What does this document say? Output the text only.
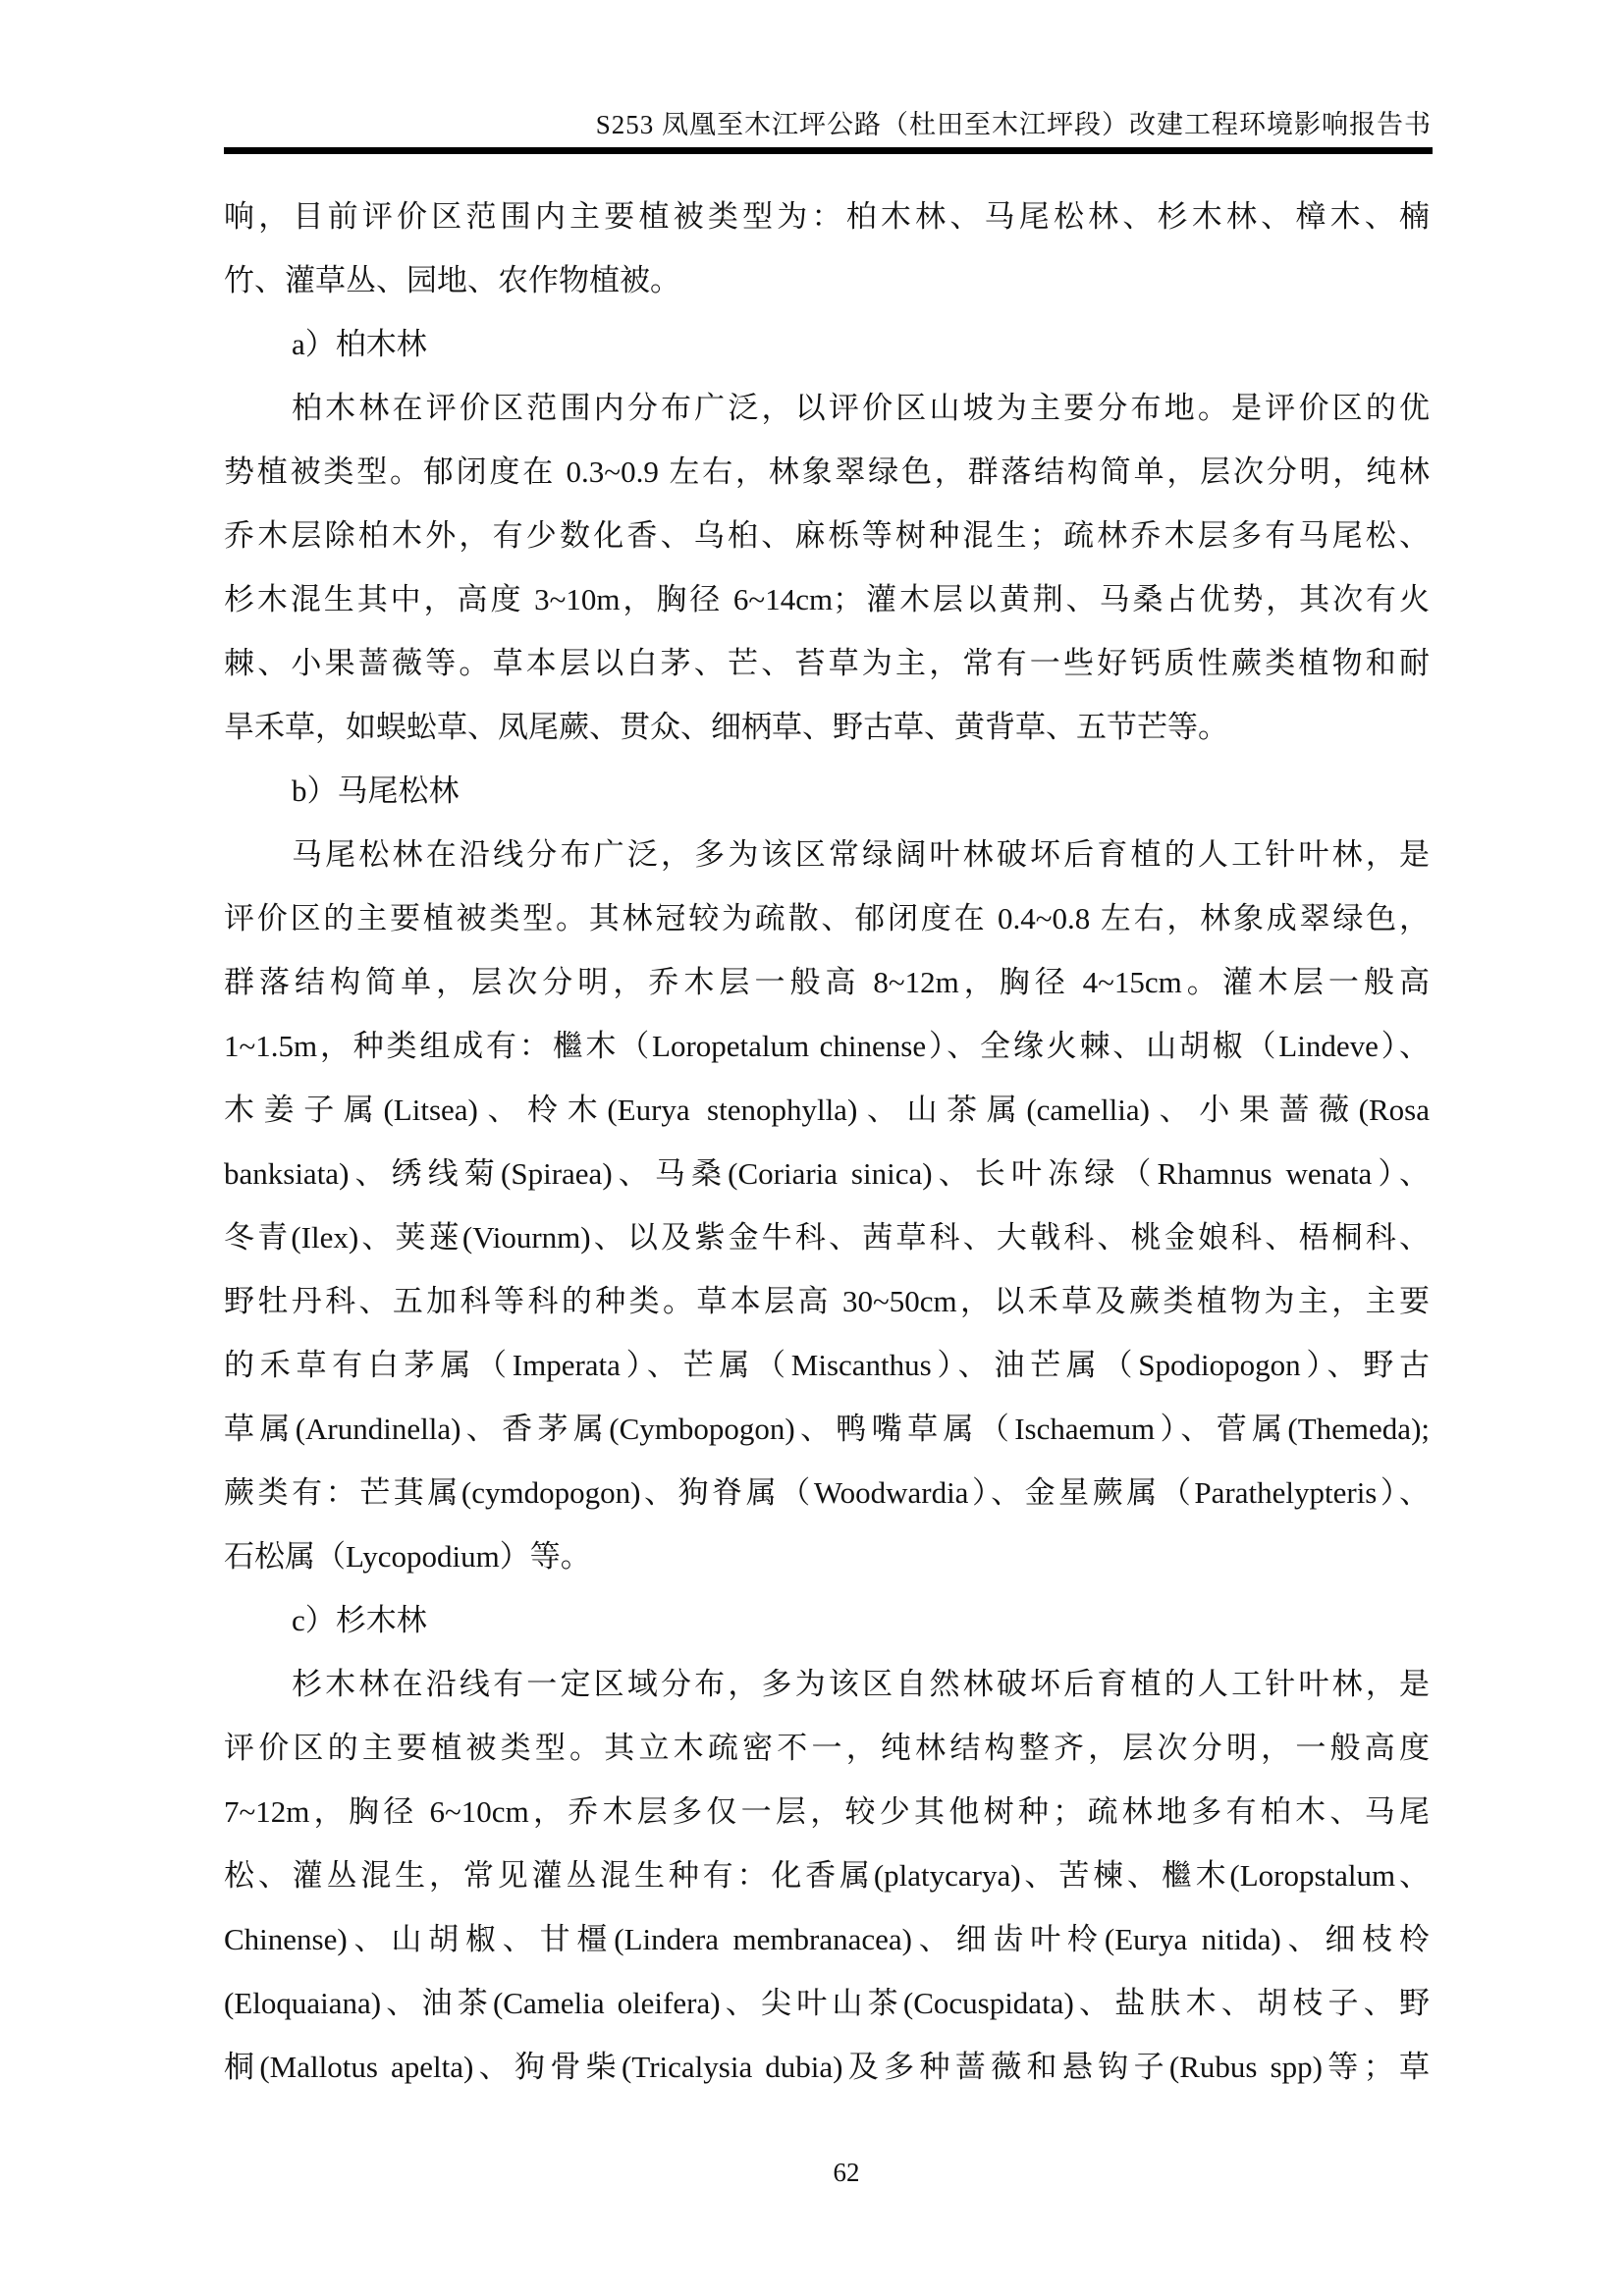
S253 凤凰至木江坪公路（杜田至木江坪段）改建工程环境影响报告书
响，目前评价区范围内主要植被类型为：柏木林、马尾松林、杉木林、樟木、楠
竹、灌草丛、园地、农作物植被。
a）柏木林
柏木林在评价区范围内分布广泛，以评价区山坡为主要分布地。是评价区的优
势植被类型。郁闭度在 0.3~0.9 左右，林象翠绿色，群落结构简单，层次分明，纯林
乔木层除柏木外，有少数化香、乌桕、麻栎等树种混生；疏林乔木层多有马尾松、
杉木混生其中，高度 3~10m，胸径 6~14cm；灌木层以黄荆、马桑占优势，其次有火
棘、小果蔷薇等。草本层以白茅、芒、苔草为主，常有一些好钙质性蕨类植物和耐
旱禾草，如蜈蚣草、凤尾蕨、贯众、细柄草、野古草、黄背草、五节芒等。
b）马尾松林
马尾松林在沿线分布广泛，多为该区常绿阔叶林破坏后育植的人工针叶林，是
评价区的主要植被类型。其林冠较为疏散、郁闭度在 0.4~0.8 左右，林象成翠绿色，
群落结构简单，层次分明，乔木层一般高 8~12m，胸径 4~15cm。灌木层一般高
1~1.5m，种类组成有：檵木（Loropetalum chinense）、全缘火棘、山胡椒（Lindeve）、
木姜子属(Litsea)、柃木(Eurya stenophylla)、山茶属(camellia)、小果蔷薇(Rosa
banksiata)、绣线菊(Spiraea)、马桑(Coriaria sinica)、长叶冻绿（Rhamnus wenata）、
冬青(Ilex)、荚蒾(Viournm)、以及紫金牛科、茜草科、大戟科、桃金娘科、梧桐科、
野牡丹科、五加科等科的种类。草本层高 30~50cm，以禾草及蕨类植物为主，主要
的禾草有白茅属（Imperata）、芒属（Miscanthus）、油芒属（Spodiopogon）、野古
草属(Arundinella)、香茅属(Cymbopogon)、鸭嘴草属（Ischaemum）、菅属(Themeda);
蕨类有：芒萁属(cymdopogon)、狗脊属（Woodwardia）、金星蕨属（Parathelypteris）、
石松属（Lycopodium）等。
c）杉木林
杉木林在沿线有一定区域分布，多为该区自然林破坏后育植的人工针叶林，是
评价区的主要植被类型。其立木疏密不一，纯林结构整齐，层次分明，一般高度
7~12m，胸径 6~10cm，乔木层多仅一层，较少其他树种；疏林地多有柏木、马尾
松、灌丛混生，常见灌丛混生种有：化香属(platycarya)、苦楝、檵木(Loropstalum、
Chinense)、山胡椒、甘橿(Lindera membranacea)、细齿叶柃(Eurya nitida)、细枝柃
(Eloquaiana)、油茶(Camelia oleifera)、尖叶山茶(Cocuspidata)、盐肤木、胡枝子、野
桐(Mallotus apelta)、狗骨柴(Tricalysia dubia)及多种蔷薇和悬钩子(Rubus spp)等；草
62
